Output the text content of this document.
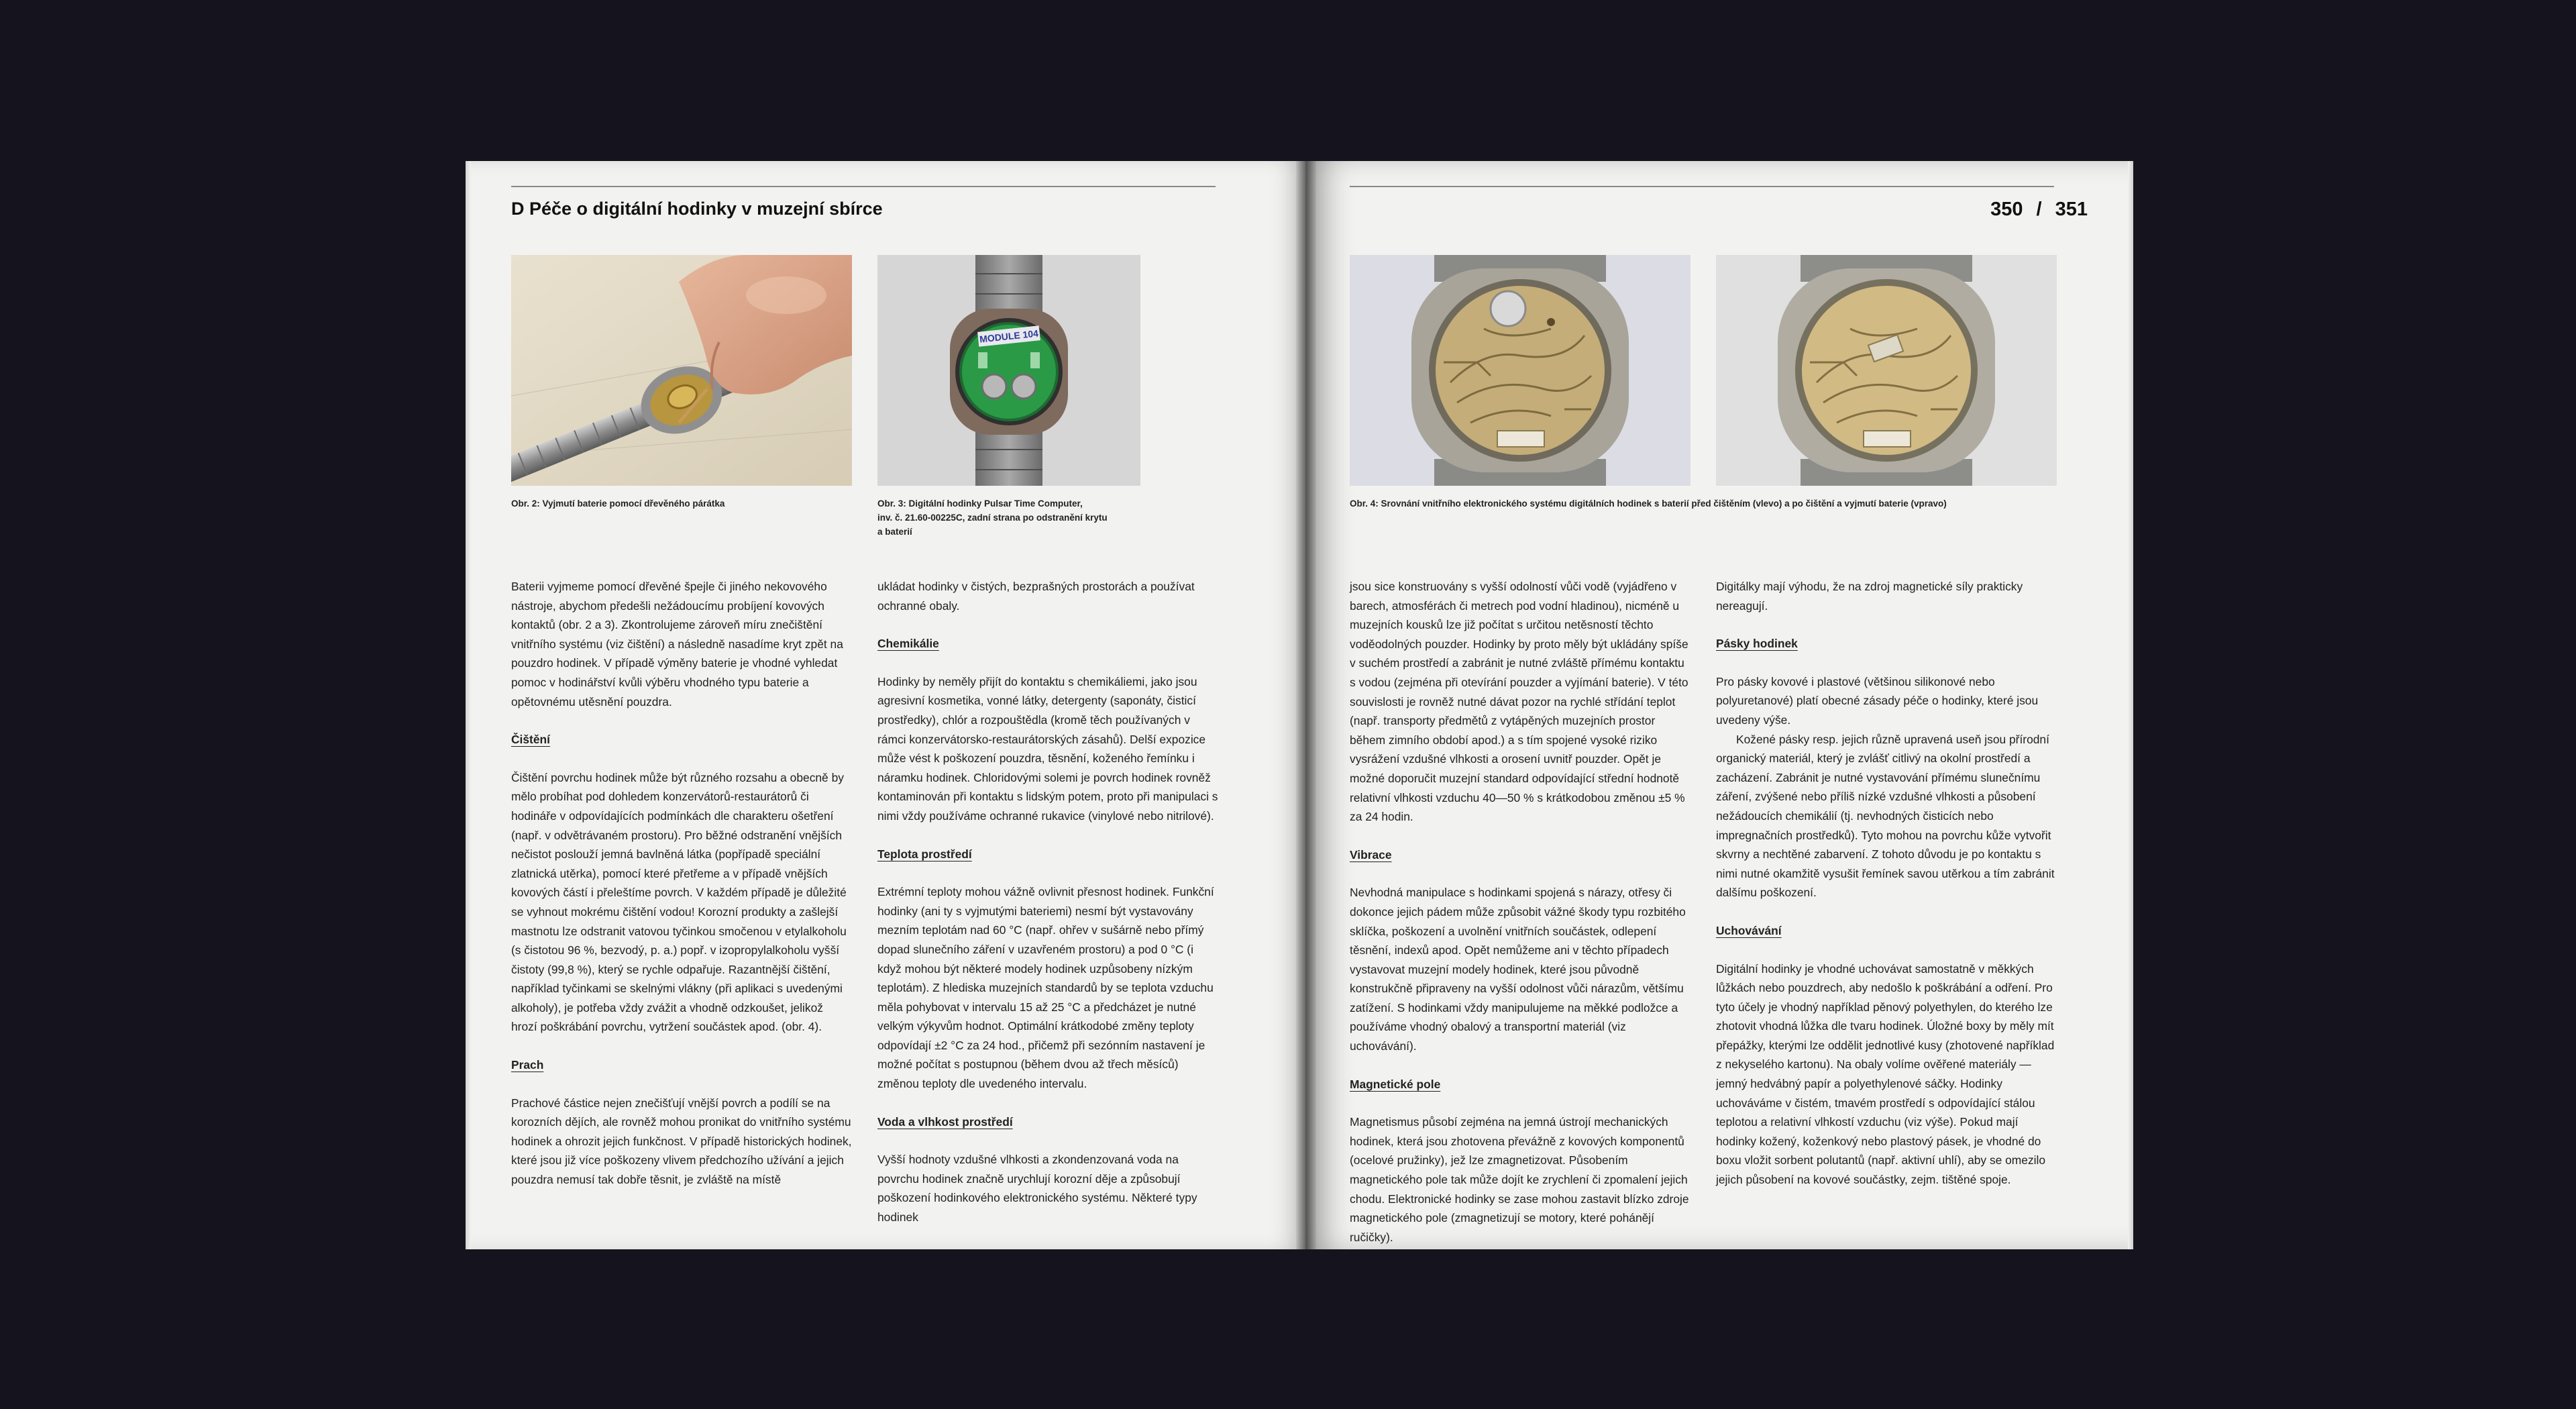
D Péče o digitální hodinky v muzejní sbírce
Obr. 2: Vyjmutí baterie pomocí dřevěného párátka
MODULE 104
Obr. 3: Digitální hodinky Pulsar Time Computer,
inv. č. 21.60-00225C, zadní strana po odstranění krytu
a baterií

Baterii vyjmeme pomocí dřevěné špejle či jiného nekovového nástroje, abychom předešli nežádoucímu probíjení kovových kontaktů (obr. 2 a 3). Zkontrolujeme zároveň míru znečištění vnitřního systému (viz čištění) a následně nasadíme kryt zpět na pouzdro hodinek. V případě výměny baterie je vhodné vyhledat pomoc v hodinářství kvůli výběru vhodného typu baterie a opětovnému utěsnění pouzdra.

Čištění

Čištění povrchu hodinek může být různého rozsahu a obecně by mělo probíhat pod dohledem konzervátorů-restaurátorů či hodináře v odpovídajících podmínkách dle charakteru ošetření (např. v odvětrávaném prostoru). Pro běžné odstranění vnějších nečistot poslouží jemná bavlněná látka (popřípadě speciální zlatnická utěrka), pomocí které přetřeme a v případě vnějších kovových částí i přeleštíme povrch. V každém případě je důležité se vyhnout mokrému čištění vodou! Korozní produkty a zašlejší mastnotu lze odstranit vatovou tyčinkou smočenou v etylalkoholu (s čistotou 96 %, bezvodý, p. a.) popř. v izopropylalkoholu vyšší čistoty (99,8 %), který se rychle odpařuje. Razantnější čištění, například tyčinkami se skelnými vlákny (při aplikaci s uvedenými alkoholy), je potřeba vždy zvážit a vhodně odzkoušet, jelikož hrozí poškrábání povrchu, vytržení součástek apod. (obr. 4).

Prach

Prachové částice nejen znečišťují vnější povrch a podílí se na korozních dějích, ale rovněž mohou pronikat do vnitřního systému hodinek a ohrozit jejich funkčnost. V případě historických hodinek, které jsou již více poškozeny vlivem předchozího užívání a jejich pouzdra nemusí tak dobře těsnit, je zvláště na místě

ukládat hodinky v čistých, bezprašných prostorách a používat ochranné obaly.

Chemikálie

Hodinky by neměly přijít do kontaktu s chemikáliemi, jako jsou agresivní kosmetika, vonné látky, detergenty (saponáty, čisticí prostředky), chlór a rozpouštědla (kromě těch používaných v rámci konzervátorsko-restaurátorských zásahů). Delší expozice může vést k poškození pouzdra, těsnění, koženého řemínku i náramku hodinek. Chloridovými solemi je povrch hodinek rovněž kontaminován při kontaktu s lidským potem, proto při manipulaci s nimi vždy používáme ochranné rukavice (vinylové nebo nitrilové).

Teplota prostředí

Extrémní teploty mohou vážně ovlivnit přesnost hodinek. Funkční hodinky (ani ty s vyjmutými bateriemi) nesmí být vystavovány mezním teplotám nad 60 °C (např. ohřev v sušárně nebo přímý dopad slunečního záření v uzavřeném prostoru) a pod 0 °C (i když mohou být některé modely hodinek uzpůsobeny nízkým teplotám). Z hlediska muzejních standardů by se teplota vzduchu měla pohybovat v intervalu 15 až 25 °C a předcházet je nutné velkým výkyvům hodnot. Optimální krátkodobé změny teploty odpovídají ±2 °C za 24 hod., přičemž při sezónním nastavení je možné počítat s postupnou (během dvou až třech měsíců) změnou teploty dle uvedeného intervalu.

Voda a vlhkost prostředí

Vyšší hodnoty vzdušné vlhkosti a zkondenzovaná voda na povrchu hodinek značně urychlují korozní děje a způsobují poškození hodinkového elektronického systému. Některé typy hodinek

350 / 351
Obr. 4: Srovnání vnitřního elektronického systému digitálních hodinek s baterií před čištěním (vlevo) a po čištění a vyjmutí baterie (vpravo)

jsou sice konstruovány s vyšší odolností vůči vodě (vyjádřeno v barech, atmosférách či metrech pod vodní hladinou), nicméně u muzejních kousků lze již počítat s určitou netěsností těchto voděodolných pouzder. Hodinky by proto měly být ukládány spíše v suchém prostředí a zabránit je nutné zvláště přímému kontaktu s vodou (zejména při otevírání pouzder a vyjímání baterie). V této souvislosti je rovněž nutné dávat pozor na rychlé střídání teplot (např. transporty předmětů z vytápěných muzejních prostor během zimního období apod.) a s tím spojené vysoké riziko vysrážení vzdušné vlhkosti a orosení uvnitř pouzder. Opět je možné doporučit muzejní standard odpovídající střední hodnotě relativní vlhkosti vzduchu 40—50 % s krátkodobou změnou ±5 % za 24 hodin.

Vibrace

Nevhodná manipulace s hodinkami spojená s nárazy, otřesy či dokonce jejich pádem může způsobit vážné škody typu rozbitého sklíčka, poškození a uvolnění vnitřních součástek, odlepení těsnění, indexů apod. Opět nemůžeme ani v těchto případech vystavovat muzejní modely hodinek, které jsou původně konstrukčně připraveny na vyšší odolnost vůči nárazům, většímu zatížení. S hodinkami vždy manipulujeme na měkké podložce a používáme vhodný obalový a transportní materiál (viz uchovávání).

Magnetické pole

Magnetismus působí zejména na jemná ústrojí mechanických hodinek, která jsou zhotovena převážně z kovových komponentů (ocelové pružinky), jež lze zmagnetizovat. Působením magnetického pole tak může dojít ke zrychlení či zpomalení jejich chodu. Elektronické hodinky se zase mohou zastavit blízko zdroje magnetického pole (zmagnetizují se motory, které pohánějí ručičky).

Digitálky mají výhodu, že na zdroj magnetické síly prakticky nereagují.

Pásky hodinek

Pro pásky kovové i plastové (většinou silikonové nebo polyuretanové) platí obecné zásady péče o hodinky, které jsou uvedeny výše.

Kožené pásky resp. jejich různě upravená useň jsou přírodní organický materiál, který je zvlášť citlivý na okolní prostředí a zacházení. Zabránit je nutné vystavování přímému slunečnímu záření, zvýšené nebo příliš nízké vzdušné vlhkosti a působení nežádoucích chemikálií (tj. nevhodných čisticích nebo impregnačních prostředků). Tyto mohou na povrchu kůže vytvořit skvrny a nechtěné zabarvení. Z tohoto důvodu je po kontaktu s nimi nutné okamžitě vysušit řemínek savou utěrkou a tím zabránit dalšímu poškození.

Uchovávání

Digitální hodinky je vhodné uchovávat samostatně v měkkých lůžkách nebo pouzdrech, aby nedošlo k poškrábání a odření. Pro tyto účely je vhodný například pěnový polyethylen, do kterého lze zhotovit vhodná lůžka dle tvaru hodinek. Úložné boxy by měly mít přepážky, kterými lze oddělit jednotlivé kusy (zhotovené například z nekyselého kartonu). Na obaly volíme ověřené materiály — jemný hedvábný papír a polyethylenové sáčky. Hodinky uchováváme v čistém, tmavém prostředí s odpovídající stálou teplotou a relativní vlhkostí vzduchu (viz výše). Pokud mají hodinky kožený, koženkový nebo plastový pásek, je vhodné do boxu vložit sorbent polutantů (např. aktivní uhlí), aby se omezilo jejich působení na kovové součástky, zejm. tištěné spoje.
